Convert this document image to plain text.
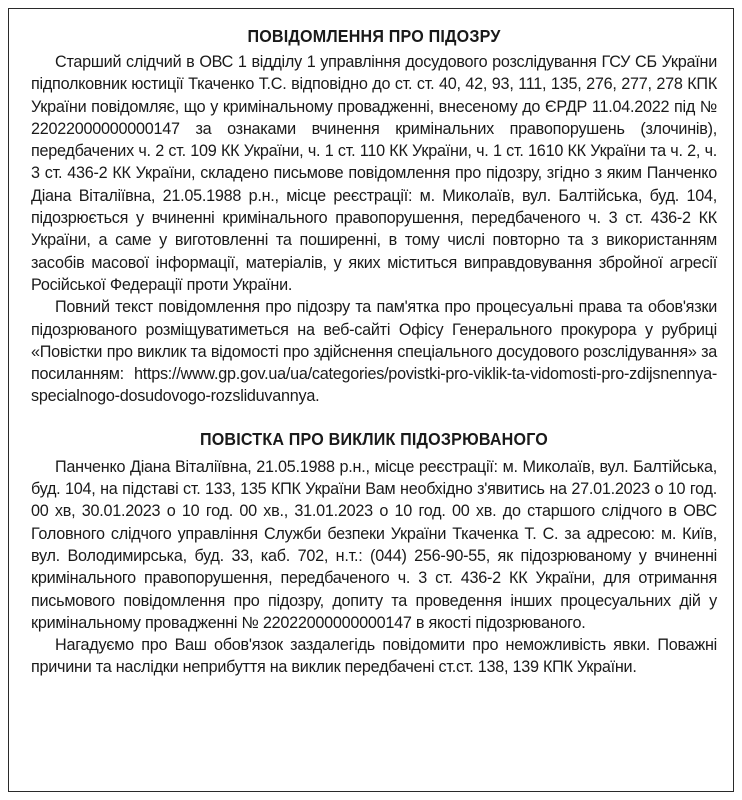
ПОВІДОМЛЕННЯ ПРО ПІДОЗРУ

Старший слідчий в ОВС 1 відділу 1 управління досудового розслідування ГСУ СБ України підполковник юстиції Ткаченко Т.С. відповідно до ст. ст. 40, 42, 93, 111, 135, 276, 277, 278 КПК України повідомляє, що у кримінальному провадженні, внесеному до ЄРДР 11.04.2022 під № 22022000000000147 за ознаками вчинення кримінальних правопорушень (злочинів), передбачених ч. 2 ст. 109 КК України, ч. 1 ст. 110 КК України, ч. 1 ст. 1610 КК України та ч. 2, ч. 3 ст. 436-2 КК України, складено письмове повідомлення про підозру, згідно з яким Панченко Діана Віталіївна, 21.05.1988 р.н., місце реєстрації: м. Миколаїв, вул. Балтійська, буд. 104, підозрюється у вчиненні кримінального правопорушення, передбаченого ч. 3 ст. 436-2 КК України, а саме у виготовленні та поширенні, в тому числі повторно та з використанням засобів масової інформації, матеріалів, у яких міститься виправдовування збройної агресії Російської Федерації проти України.

Повний текст повідомлення про підозру та пам'ятка про процесуальні права та обов'язки підозрюваного розміщуватиметься на веб-сайті Офісу Генерального прокурора у рубриці «Повістки про виклик та відомості про здійснення спеціального досудового розслідування» за посиланням: https://www.gp.gov.ua/ua/categories/povistki-pro-viklik-ta-vidomosti-pro-zdijsnennya-specialnogo-dosudovogo-rozsliduvannya.

ПОВІСТКА ПРО ВИКЛИК ПІДОЗРЮВАНОГО

Панченко Діана Віталіївна, 21.05.1988 р.н., місце реєстрації: м. Миколаїв, вул. Балтійська, буд. 104, на підставі ст. 133, 135 КПК України Вам необхідно з'явитись на 27.01.2023 о 10 год. 00 хв, 30.01.2023 о 10 год. 00 хв., 31.01.2023 о 10 год. 00 хв. до старшого слідчого в ОВС Головного слідчого управління Служби безпеки України Ткаченка Т. С. за адресою: м. Київ, вул. Володимирська, буд. 33, каб. 702, н.т.: (044) 256-90-55, як підозрюваному у вчиненні кримінального правопорушення, передбаченого ч. 3 ст. 436-2 КК України, для отримання письмового повідомлення про підозру, допиту та проведення інших процесуальних дій у кримінальному провадженні № 22022000000000147 в якості підозрюваного.

Нагадуємо про Ваш обов'язок заздалегідь повідомити про неможливість явки. Поважні причини та наслідки неприбуття на виклик передбачені ст.ст. 138, 139 КПК України.
